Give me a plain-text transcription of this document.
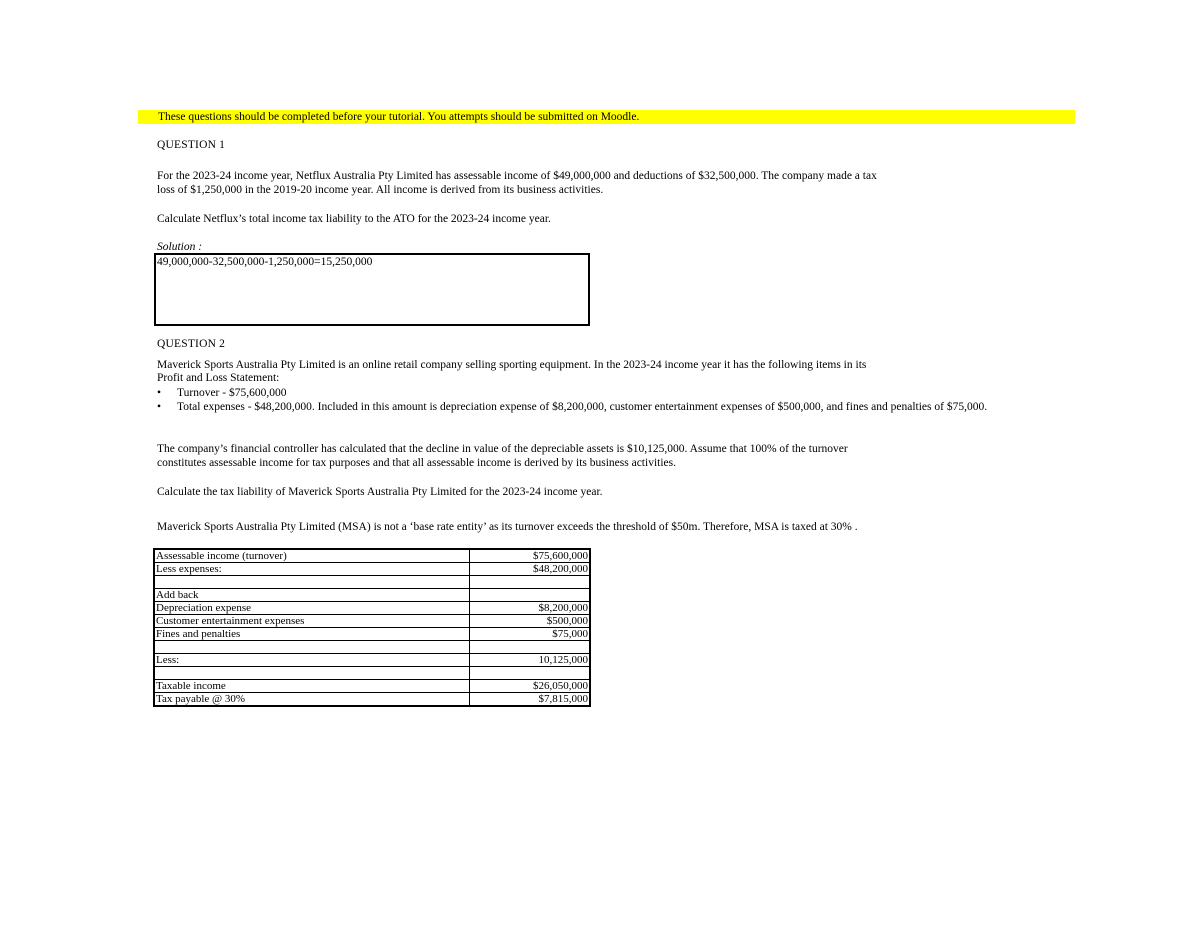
These questions should be completed before your tutorial. You attempts should be submitted on Moodle.
QUESTION 1
For the 2023-24 income year, Netflux Australia Pty Limited has assessable income of $49,000,000 and deductions of $32,500,000. The company made a tax
loss of $1,250,000 in the 2019-20 income year. All income is derived from its business activities.
Calculate Netflux’s total income tax liability to the ATO for the 2023-24 income year.
Solution :
49,000,000-32,500,000-1,250,000=15,250,000
QUESTION 2
Maverick Sports Australia Pty Limited is an online retail company selling sporting equipment. In the 2023-24 income year it has the following items in its
Profit and Loss Statement:
• Turnover - $75,600,000
• Total expenses - $48,200,000. Included in this amount is depreciation expense of $8,200,000, customer entertainment expenses of $500,000, and fines and penalties of $75,000.
The company’s financial controller has calculated that the decline in value of the depreciable assets is $10,125,000. Assume that 100% of the turnover
constitutes assessable income for tax purposes and that all assessable income is derived by its business activities.
Calculate the tax liability of Maverick Sports Australia Pty Limited for the 2023-24 income year.
Maverick Sports Australia Pty Limited (MSA) is not a ‘base rate entity’ as its turnover exceeds the threshold of $50m. Therefore, MSA is taxed at 30% .
Assessable income (turnover)	$75,600,000
Less expenses:	$48,200,000

Add back	
Depreciation expense	$8,200,000
Customer entertainment expenses	$500,000
Fines and penalties	$75,000

Less:	10,125,000

Taxable income	$26,050,000
Tax payable @ 30%	$7,815,000
